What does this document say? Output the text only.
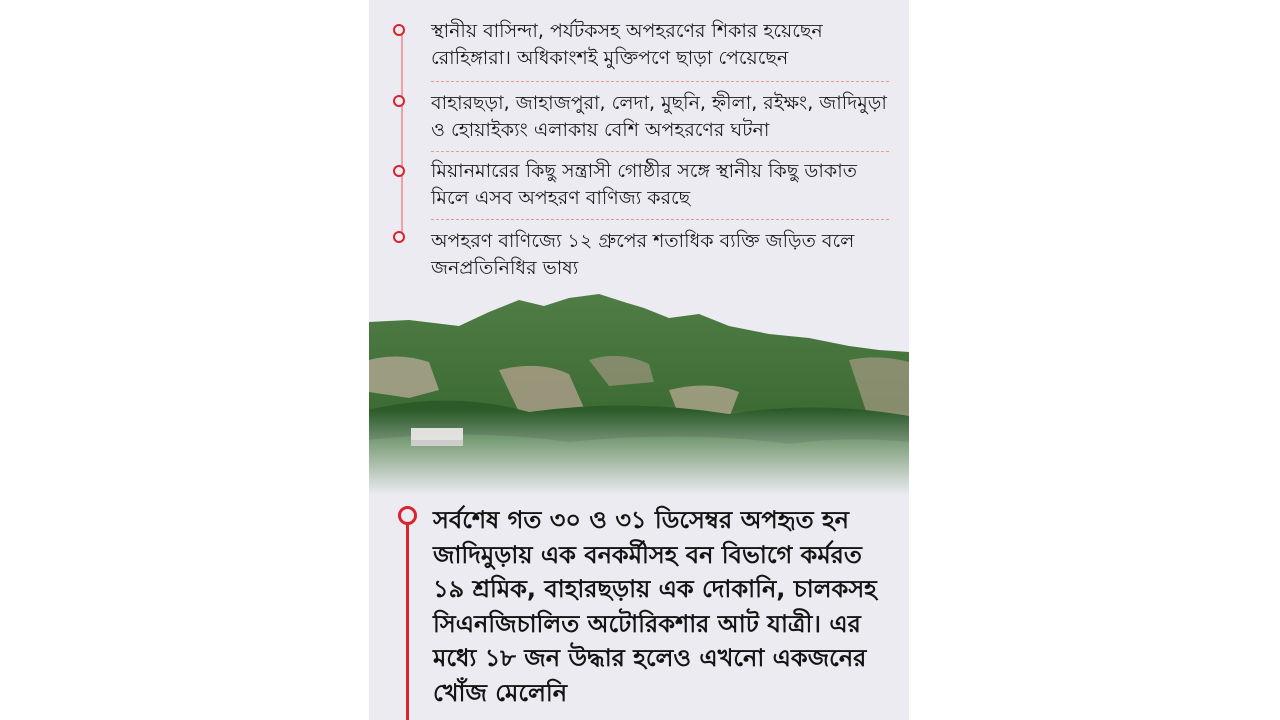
স্থানীয় বাসিন্দা, পর্যটকসহ অপহরণের শিকার হয়েছেন রোহিঙ্গারা। অধিকাংশই মুক্তিপণে ছাড়া পেয়েছেন
বাহারছড়া, জাহাজপুরা, লেদা, মুছনি, হ্নীলা, রইক্ষং, জাদিমুড়া ও হোয়াইক্যং এলাকায় বেশি অপহরণের ঘটনা
মিয়ানমারের কিছু সন্ত্রাসী গোষ্ঠীর সঙ্গে স্থানীয় কিছু ডাকাত মিলে এসব অপহরণ বাণিজ্য করছে
অপহরণ বাণিজ্যে ১২ গ্রুপের শতাধিক ব্যক্তি জড়িত বলে জনপ্রতিনিধির ভাষ্য
সর্বশেষ গত ৩০ ও ৩১ ডিসেম্বর অপহৃত হন জাদিমুড়ায় এক বনকর্মীসহ বন বিভাগে কর্মরত ১৯ শ্রমিক, বাহারছড়ায় এক দোকানি, চালকসহ সিএনজিচালিত অটোরিকশার আট যাত্রী। এর মধ্যে ১৮ জন উদ্ধার হলেও এখনো একজনের খোঁজ মেলেনি
